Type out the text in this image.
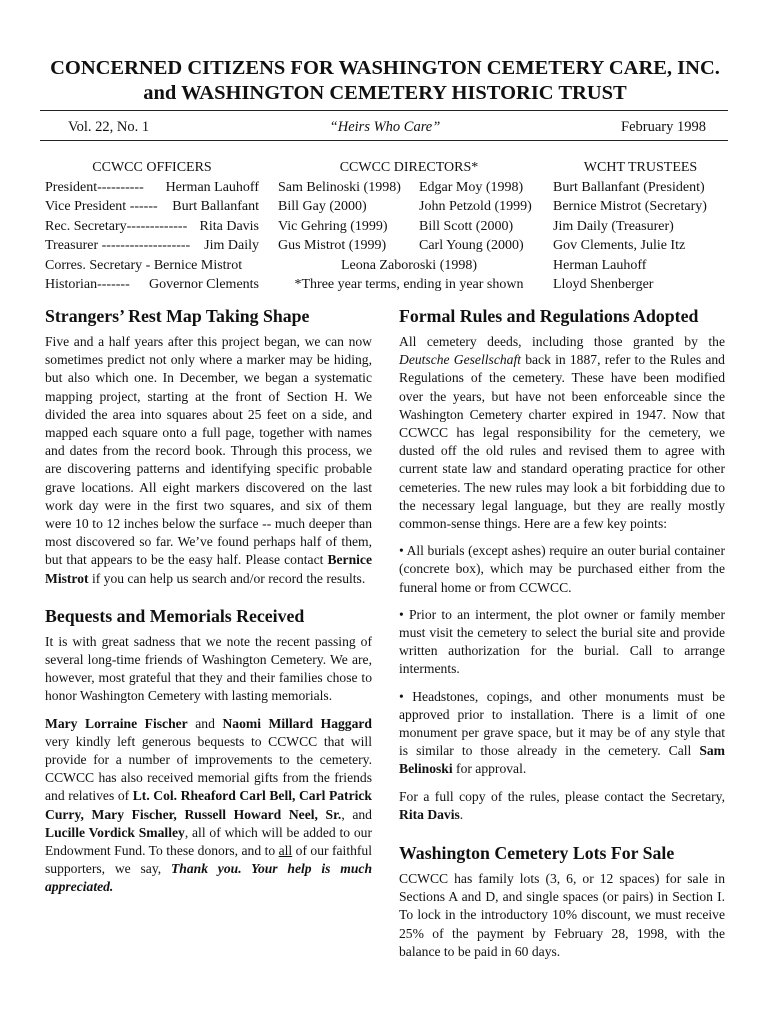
CONCERNED CITIZENS FOR WASHINGTON CEMETERY CARE, INC.
and WASHINGTON CEMETERY HISTORIC TRUST
Vol. 22, No. 1	“Heirs Who Care”	February 1998
CCWCC OFFICERS
President---------- Herman Lauhoff
Vice President ------ Burt Ballanfant
Rec. Secretary------------- Rita Davis
Treasurer ------------------- Jim Daily
Corres. Secretary - Bernice Mistrot
Historian------- Governor Clements
CCWCC DIRECTORS*
Sam Belinoski (1998) Edgar Moy (1998)
Bill Gay (2000)	John Petzold (1999)
Vic Gehring (1999) Bill Scott (2000)
Gus Mistrot (1999) Carl Young (2000)
Leona Zaboroski (1998)
*Three year terms, ending in year shown
WCHT TRUSTEES
Burt Ballanfant (President)
Bernice Mistrot (Secretary)
Jim Daily (Treasurer)
Gov Clements, Julie Itz
Herman Lauhoff
Lloyd Shenberger
Strangers’ Rest Map Taking Shape

Five and a half years after this project began, we can now sometimes predict not only where a marker may be hiding, but also which one. In December, we began a systematic mapping project, starting at the front of Section H. We divided the area into squares about 25 feet on a side, and mapped each square onto a full page, together with names and dates from the record book. Through this process, we are discovering patterns and identifying specific probable grave locations. All eight markers discovered on the last work day were in the first two squares, and six of them were 10 to 12 inches below the surface -- much deeper than most discovered so far. We’ve found perhaps half of them, but that appears to be the easy half. Please contact Bernice Mistrot if you can help us search and/or record the results.

Bequests and Memorials Received

It is with great sadness that we note the recent passing of several long-time friends of Washington Cemetery. We are, however, most grateful that they and their families chose to honor Washington Cemetery with lasting memorials.

Mary Lorraine Fischer and Naomi Millard Haggard very kindly left generous bequests to CCWCC that will provide for a number of improvements to the cemetery. CCWCC has also received memorial gifts from the friends and relatives of Lt. Col. Rheaford Carl Bell, Carl Patrick Curry, Mary Fischer, Russell Howard Neel, Sr., and Lucille Vordick Smalley, all of which will be added to our Endowment Fund. To these donors, and to all of our faithful supporters, we say, Thank you. Your help is much appreciated.

Formal Rules and Regulations Adopted

All cemetery deeds, including those granted by the Deutsche Gesellschaft back in 1887, refer to the Rules and Regulations of the cemetery. These have been modified over the years, but have not been enforceable since the Washington Cemetery charter expired in 1947. Now that CCWCC has legal responsibility for the cemetery, we dusted off the old rules and revised them to agree with current state law and standard operating practice for other cemeteries. The new rules may look a bit forbidding due to the necessary legal language, but they are really mostly common-sense things. Here are a few key points:

• All burials (except ashes) require an outer burial container (concrete box), which may be purchased either from the funeral home or from CCWCC.

• Prior to an interment, the plot owner or family member must visit the cemetery to select the burial site and provide written authorization for the burial. Call to arrange interments.

• Headstones, copings, and other monuments must be approved prior to installation. There is a limit of one monument per grave space, but it may be of any style that is similar to those already in the cemetery. Call Sam Belinoski for approval.

For a full copy of the rules, please contact the Secretary, Rita Davis.

Washington Cemetery Lots For Sale

CCWCC has family lots (3, 6, or 12 spaces) for sale in Sections A and D, and single spaces (or pairs) in Section I. To lock in the introductory 10% discount, we must receive 25% of the payment by February 28, 1998, with the balance to be paid in 60 days.
